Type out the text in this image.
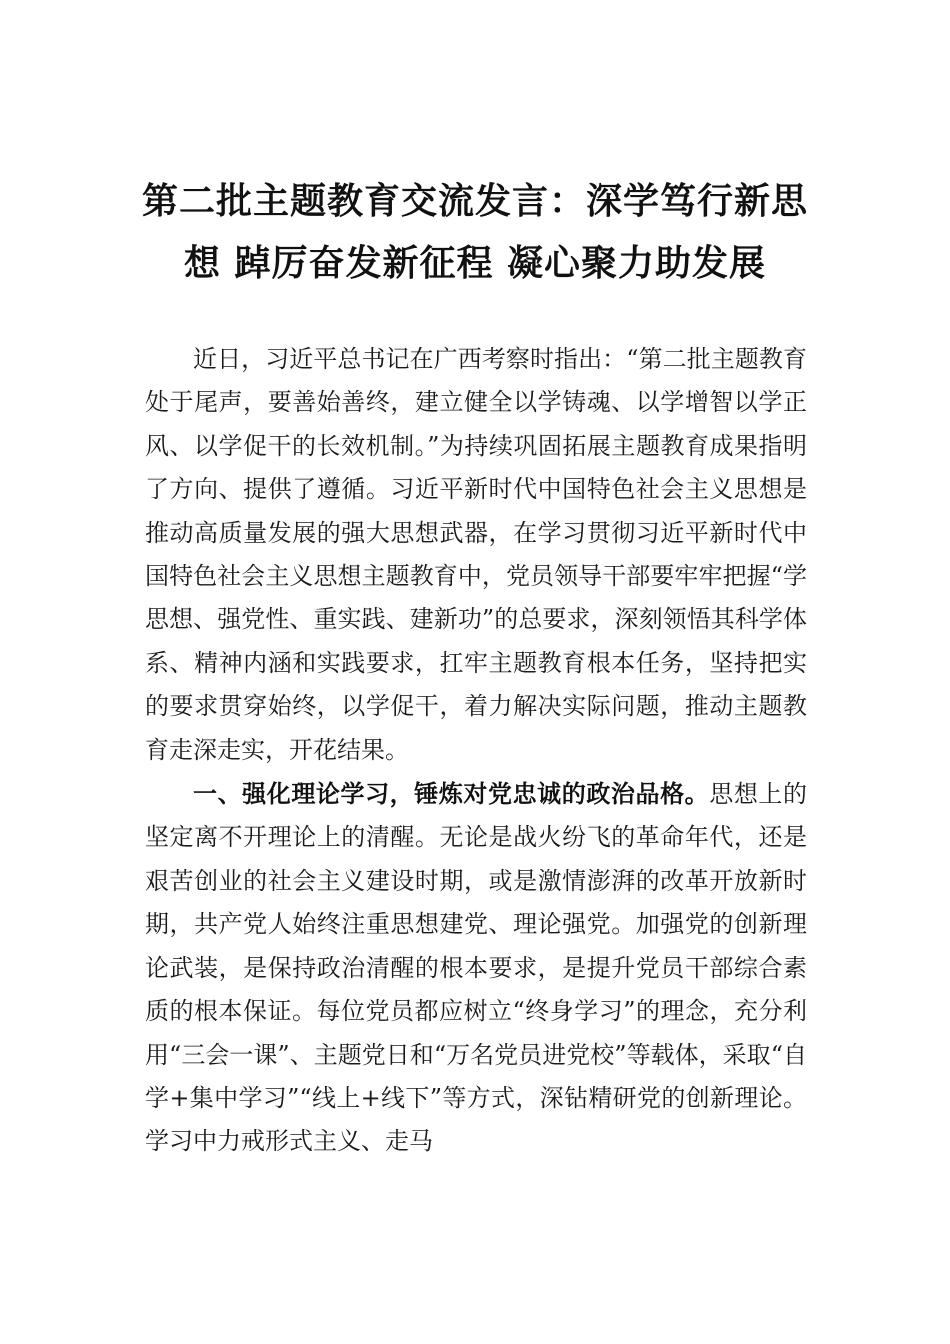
第二批主题教育交流发言：深学笃行新思
想 踔厉奋发新征程 凝心聚力助发展

近日，习近平总书记在广西考察时指出：“第二批主题教育处于尾声，要善始善终，建立健全以学铸魂、以学增智以学正风、以学促干的长效机制。”为持续巩固拓展主题教育成果指明了方向、提供了遵循。习近平新时代中国特色社会主义思想是推动高质量发展的强大思想武器，在学习贯彻习近平新时代中国特色社会主义思想主题教育中，党员领导干部要牢牢把握“学思想、强党性、重实践、建新功”的总要求，深刻领悟其科学体系、精神内涵和实践要求，扛牢主题教育根本任务，坚持把实的要求贯穿始终，以学促干，着力解决实际问题，推动主题教育走深走实，开花结果。

一、强化理论学习，锤炼对党忠诚的政治品格。思想上的坚定离不开理论上的清醒。无论是战火纷飞的革命年代，还是艰苦创业的社会主义建设时期，或是激情澎湃的改革开放新时期，共产党人始终注重思想建党、理论强党。加强党的创新理论武装，是保持政治清醒的根本要求，是提升党员干部综合素质的根本保证。每位党员都应树立“终身学习”的理念，充分利用“三会一课”、主题党日和“万名党员进党校”等载体，采取“自学+集中学习”“线上+线下”等方式，深钻精研党的创新理论。学习中力戒形式主义、走马
